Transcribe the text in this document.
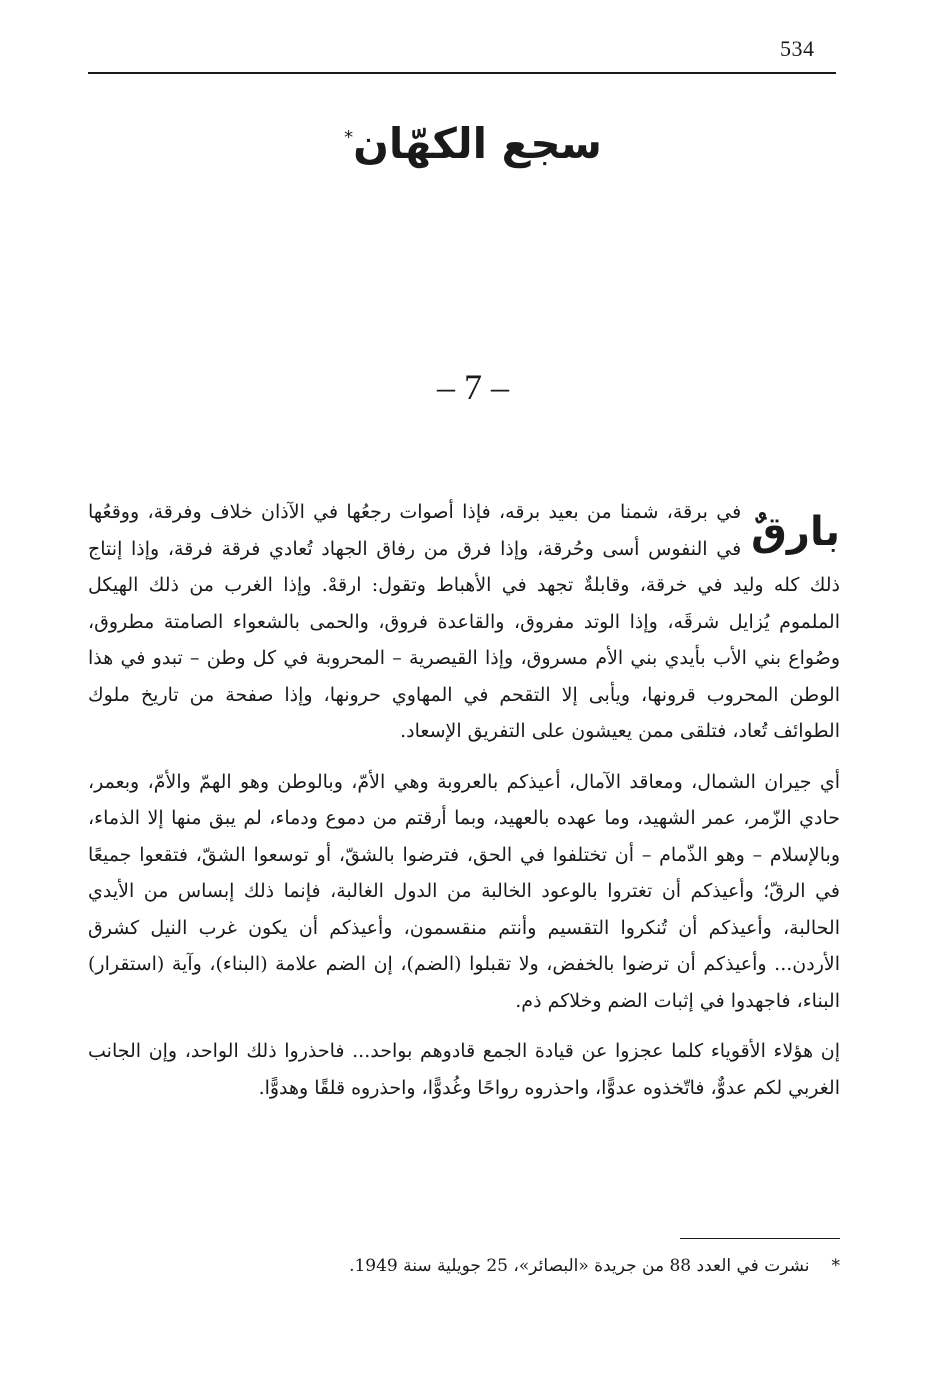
534
سجع الكهّان*
– 7 –

بارقٌ
في برقة، شمنا من بعيد برقه، فإذا أصوات رجعُها في الآذان خلاف وفرقة، ووقعُها في النفوس أسى وحُرقة، وإذا فرق من رفاق الجهاد تُعادي فرقة فرقة، وإذا إنتاج ذلك كله وليد في خرقة، وقابلةٌ تجهد في الأهباط وتقول: ارقهْ. وإذا الغرب من ذلك الهيكل الملموم يُزايل شرقَه، وإذا الوتد مفروق، والقاعدة فروق، والحمى بالشعواء الصامتة مطروق، وصُواع بني الأب بأيدي بني الأم مسروق، وإذا القيصرية – المحروبة في كل وطن – تبدو في هذا الوطن المحروب قرونها، ويأبى إلا التقحم في المهاوي حرونها، وإذا صفحة من تاريخ ملوك الطوائف تُعاد، فتلقى ممن يعيشون على التفريق الإسعاد.

أي جيران الشمال، ومعاقد الآمال، أعيذكم بالعروبة وهي الأمّ، وبالوطن وهو الهمّ والأمّ، وبعمر، حادي الزّمر، عمر الشهيد، وما عهده بالعهيد، وبما أرقتم من دموع ودماء، لم يبق منها إلا الذماء، وبالإسلام – وهو الذّمام – أن تختلفوا في الحق، فترضوا بالشقّ، أو توسعوا الشقّ، فتقعوا جميعًا في الرقّ؛ وأعيذكم أن تغتروا بالوعود الخالبة من الدول الغالبة، فإنما ذلك إبساس من الأيدي الحالبة، وأعيذكم أن تُنكروا التقسيم وأنتم منقسمون، وأعيذكم أن يكون غرب النيل كشرق الأردن... وأعيذكم أن ترضوا بالخفض، ولا تقبلوا (الضم)، إن الضم علامة (البناء)، وآية (استقرار) البناء، فاجهدوا في إثبات الضم وخلاكم ذم.

إن هؤلاء الأقوياء كلما عجزوا عن قيادة الجمع قادوهم بواحد... فاحذروا ذلك الواحد، وإن الجانب الغربي لكم عدوٌّ، فاتّخذوه عدوًّا، واحذروه رواحًا وغُدوًّا، واحذروه قلقًا وهدوًّا.

*نشرت في العدد 88 من جريدة «البصائر»، 25 جويلية سنة 1949.
